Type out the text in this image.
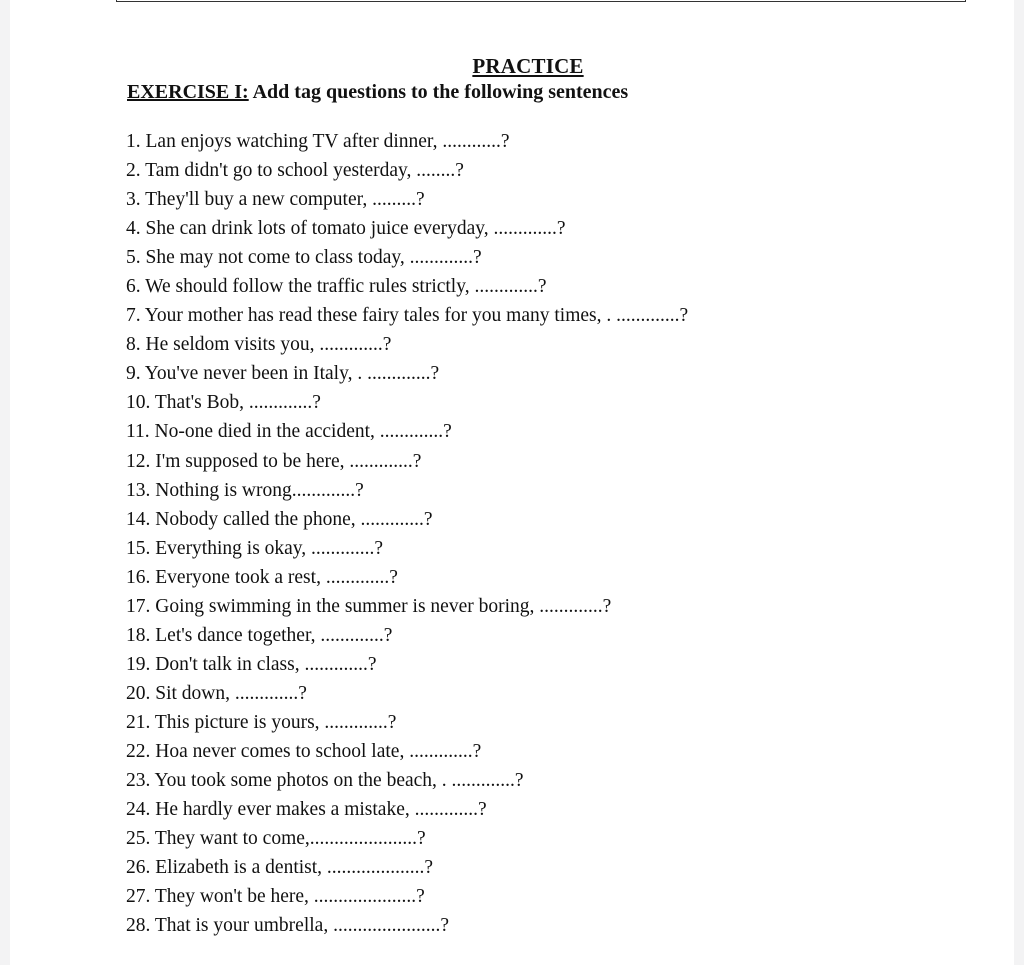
PRACTICE
EXERCISE I: Add tag questions to the following sentences
1. Lan enjoys watching TV after dinner, ............?
2. Tam didn't go to school yesterday, ........?
3. They'll buy a new computer, .........?
4. She can drink lots of tomato juice everyday, .............?
5. She may not come to class today, .............?
6. We should follow the traffic rules strictly, .............?
7. Your mother has read these fairy tales for you many times, . .............?
8. He seldom visits you, .............?
9. You've never been in Italy, . .............?
10. That's Bob, .............?
11. No-one died in the accident, .............?
12. I'm supposed to be here, .............?
13. Nothing is wrong.............?
14. Nobody called the phone, .............?
15. Everything is okay, .............?
16. Everyone took a rest, .............?
17. Going swimming in the summer is never boring, .............?
18. Let's dance together, .............?
19. Don't talk in class, .............?
20. Sit down, .............?
21. This picture is yours, .............?
22. Hoa never comes to school late, .............?
23. You took some photos on the beach, . .............?
24. He hardly ever makes a mistake, .............?
25. They want to come,......................?
26. Elizabeth is a dentist, ....................?
27. They won't be here, .....................?
28. That is your umbrella, ......................?
